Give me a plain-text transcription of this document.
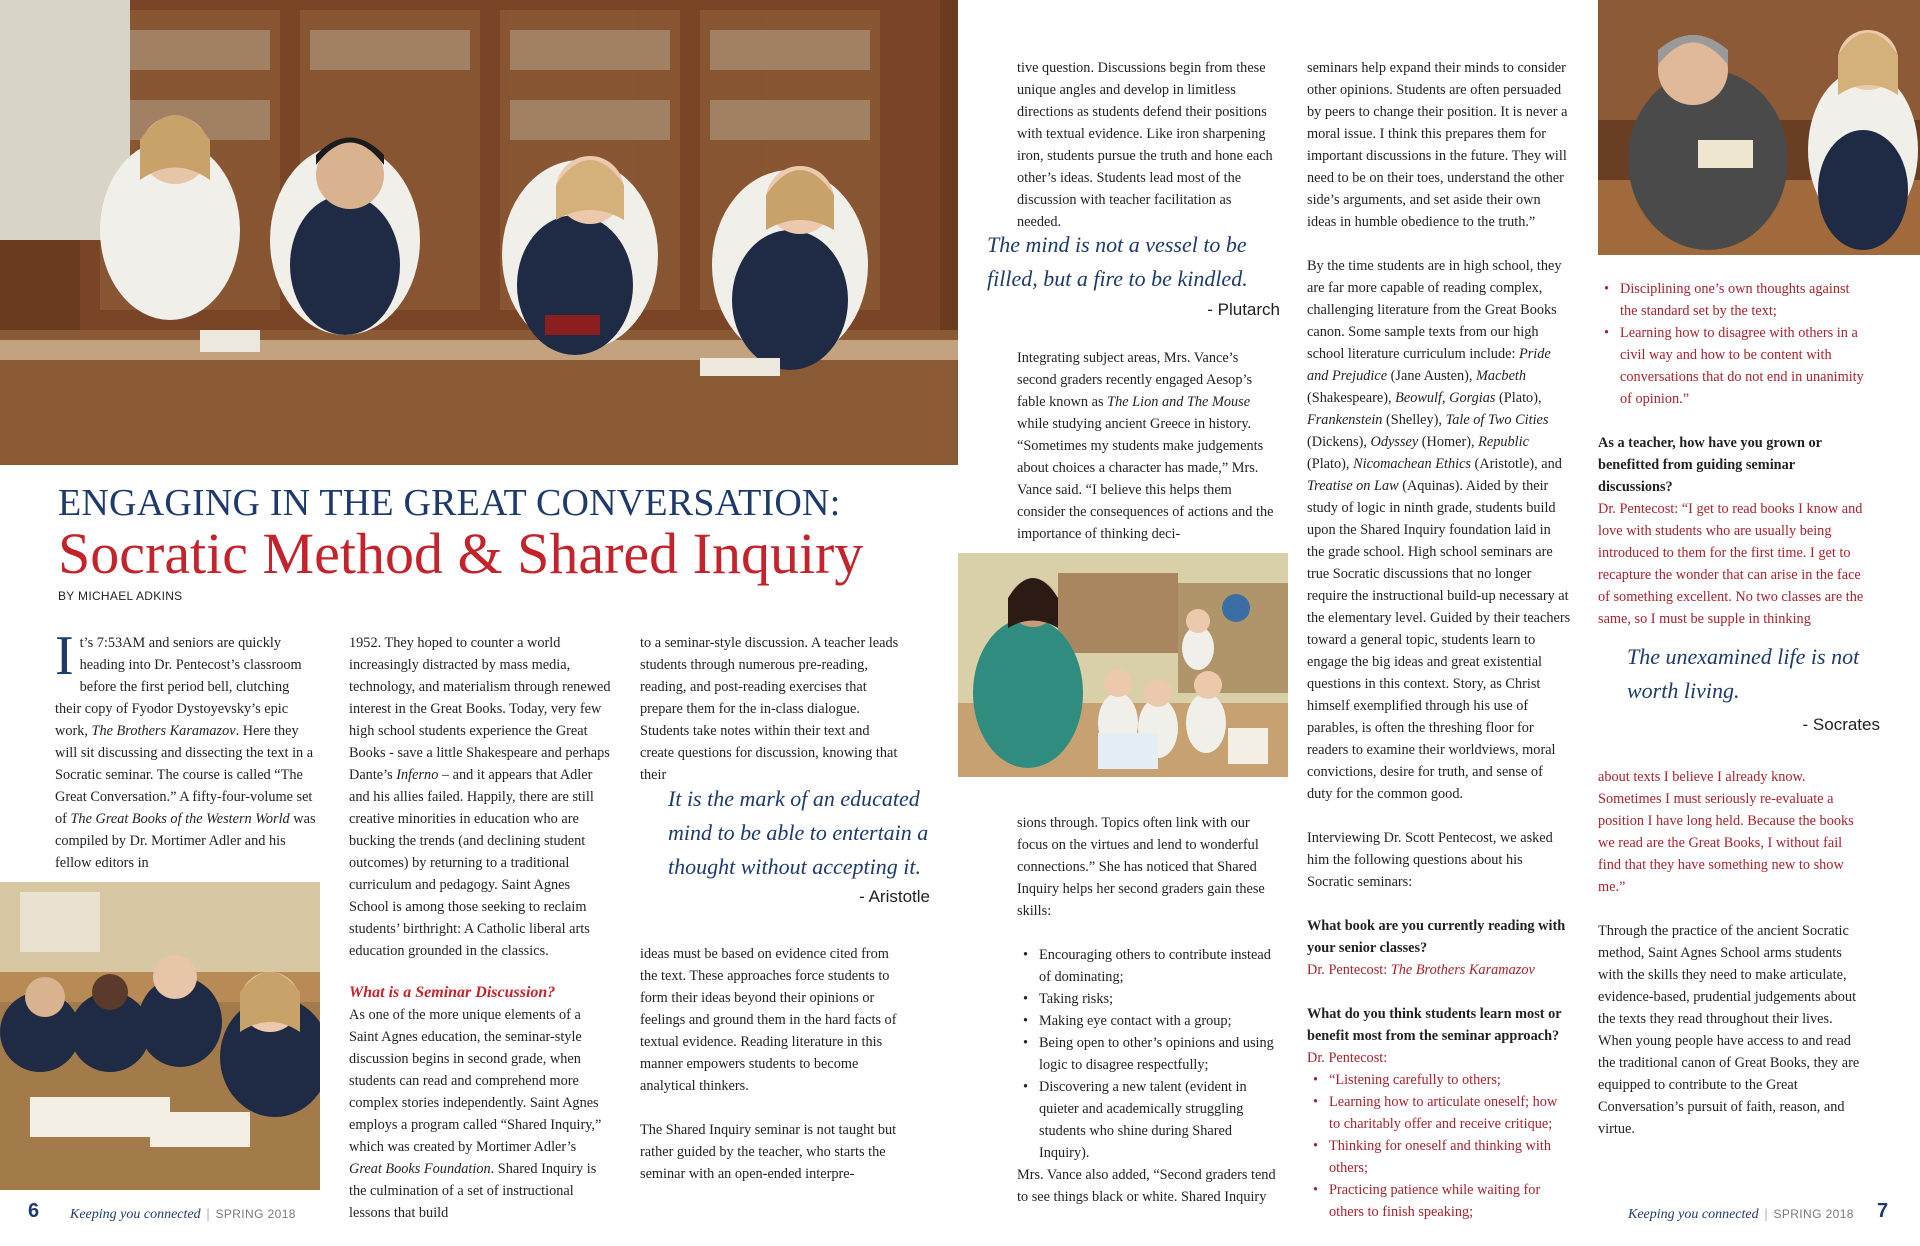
ENGAGING IN THE GREAT CONVERSATION:
Socratic Method & Shared Inquiry
BY MICHAEL ADKINS

It’s 7:53AM and seniors are quickly heading into Dr. Pentecost’s classroom before the first period bell, clutching their copy of Fyodor Dystoyevsky’s epic work, The Brothers Karamazov. Here they will sit discussing and dissecting the text in a Socratic seminar. The course is called “The Great Conversation.” A fifty-four-volume set of The Great Books of the Western World was compiled by Dr. Mortimer Adler and his fellow editors in

1952. They hoped to counter a world increasingly distracted by mass media, technology, and materialism through renewed interest in the Great Books. Today, very few high school students experience the Great Books - save a little Shakespeare and perhaps Dante’s Inferno – and it appears that Adler and his allies failed. Happily, there are still creative minorities in education who are bucking the trends (and declining student outcomes) by returning to a traditional curriculum and pedagogy. Saint Agnes School is among those seeking to reclaim students’ birthright: A Catholic liberal arts education grounded in the classics.

What is a Seminar Discussion?

As one of the more unique elements of a Saint Agnes education, the seminar-style discussion begins in second grade, when students can read and comprehend more complex stories independently. Saint Agnes employs a program called “Shared Inquiry,” which was created by Mortimer Adler’s Great Books Foundation. Shared Inquiry is the culmination of a set of instructional lessons that build

to a seminar-style discussion. A teacher leads students through numerous pre-reading, reading, and post-reading exercises that prepare them for the in-class dialogue. Students take notes within their text and create questions for discussion, knowing that their

It is the mark of an educated mind to be able to entertain a thought without accepting it.
- Aristotle

ideas must be based on evidence cited from the text. These approaches force students to form their ideas beyond their opinions or feelings and ground them in the hard facts of textual evidence. Reading literature in this manner empowers students to become analytical thinkers.

The Shared Inquiry seminar is not taught but rather guided by the teacher, who starts the seminar with an open-ended interpre-

tive question. Discussions begin from these unique angles and develop in limitless directions as students defend their positions with textual evidence. Like iron sharpening iron, students pursue the truth and hone each other’s ideas. Students lead most of the discussion with teacher facilitation as needed.

The mind is not a vessel to be filled, but a fire to be kindled.
- Plutarch

Integrating subject areas, Mrs. Vance’s second graders recently engaged Aesop’s fable known as The Lion and The Mouse while studying ancient Greece in history. “Sometimes my students make judgements about choices a character has made,” Mrs. Vance said. “I believe this helps them consider the consequences of actions and the importance of thinking deci-

sions through. Topics often link with our focus on the virtues and lend to wonderful connections.” She has noticed that Shared Inquiry helps her second graders gain these skills:

• Encouraging others to contribute instead of dominating;
• Taking risks;
• Making eye contact with a group;
• Being open to other’s opinions and using logic to disagree respectfully;
• Discovering a new talent (evident in quieter and academically struggling students who shine during Shared Inquiry).

Mrs. Vance also added, “Second graders tend to see things black or white. Shared Inquiry

seminars help expand their minds to consider other opinions. Students are often persuaded by peers to change their position. It is never a moral issue. I think this prepares them for important discussions in the future. They will need to be on their toes, understand the other side’s arguments, and set aside their own ideas in humble obedience to the truth.”

By the time students are in high school, they are far more capable of reading complex, challenging literature from the Great Books canon. Some sample texts from our high school literature curriculum include: Pride and Prejudice (Jane Austen), Macbeth (Shakespeare), Beowulf, Gorgias (Plato), Frankenstein (Shelley), Tale of Two Cities (Dickens), Odyssey (Homer), Republic (Plato), Nicomachean Ethics (Aristotle), and Treatise on Law (Aquinas). Aided by their study of logic in ninth grade, students build upon the Shared Inquiry foundation laid in the grade school. High school seminars are true Socratic discussions that no longer require the instructional build-up necessary at the elementary level. Guided by their teachers toward a general topic, students learn to engage the big ideas and great existential questions in this context. Story, as Christ himself exemplified through his use of parables, is often the threshing floor for readers to examine their worldviews, moral convictions, desire for truth, and sense of duty for the common good.

Interviewing Dr. Scott Pentecost, we asked him the following questions about his Socratic seminars:

What book are you currently reading with your senior classes?
Dr. Pentecost: The Brothers Karamazov

What do you think students learn most or benefit most from the seminar approach?
Dr. Pentecost:

• “Listening carefully to others;
• Learning how to articulate oneself; how to charitably offer and receive critique;
• Thinking for oneself and thinking with others;
• Practicing patience while waiting for others to finish speaking;
• Disciplining one’s own thoughts against the standard set by the text;
• Learning how to disagree with others in a civil way and how to be content with conversations that do not end in unanimity of opinion.”

As a teacher, how have you grown or benefitted from guiding seminar discussions?
Dr. Pentecost: “I get to read books I know and love with students who are usually being introduced to them for the first time. I get to recapture the wonder that can arise in the face of something excellent. No two classes are the same, so I must be supple in thinking

The unexamined life is not worth living.
- Socrates

about texts I believe I already know. Sometimes I must seriously re-evaluate a position I have long held. Because the books we read are the Great Books, I without fail find that they have something new to show me.”

Through the practice of the ancient Socratic method, Saint Agnes School arms students with the skills they need to make articulate, evidence-based, prudential judgements about the texts they read throughout their lives. When young people have access to and read the traditional canon of Great Books, they are equipped to contribute to the Great Conversation’s pursuit of faith, reason, and virtue.

6 Keeping you connected | SPRING 2018	Keeping you connected | SPRING 2018 7
